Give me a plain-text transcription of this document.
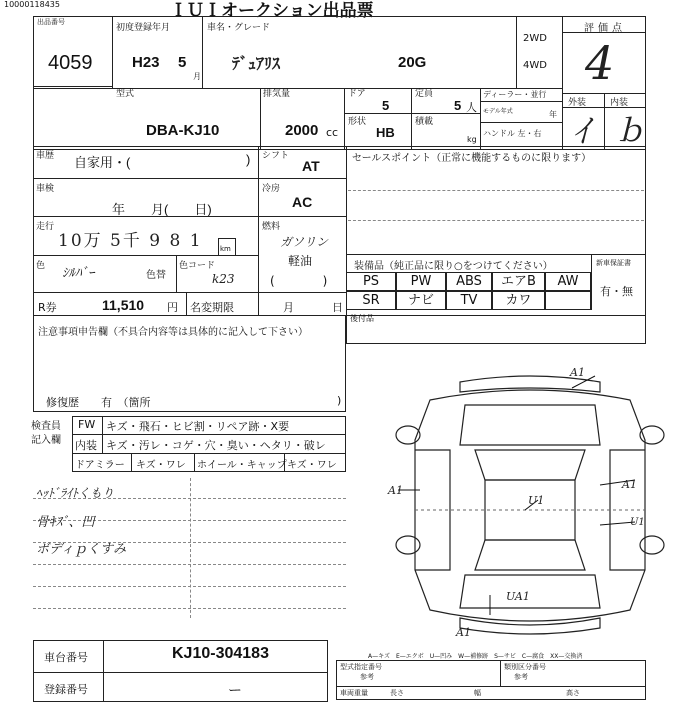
10000118435	ＩＵＩオークション出品票
出品番号
4059
初度登録年月
H23 5
月
車名・グレード
ﾃﾞｭｱﾘｽ	20G
2WD
4WD
評価点
4
外装	内装
ｲ ｂ
型式
DBA-KJ10
排気量
2000 cc
ドア
5
定員
5 人
形状
HB
積載
kg
ディーラー・並行
モデル年式	年
ハンドル 左・右
車歴 自家用・(	)
車検
年　　月(　　日)
走行
10万 5千 9 8 1 km
色 ｼﾙﾊﾞｰ	色替
色コード
k23
R券	11,510 円 名変期限	月	日
シフト
AT
冷房
AC
燃料
ガソリン
軽油
(　　　　)
セールスポイント（正常に機能するものに限ります）
装備品（純正品に限り○をつけてください）	新車保証書
有・無
PS	PW	ABS	エアB	AW
SR	ナビ	TV	カワ
後付品
注意事項申告欄（不具合内容等は具体的に記入して下さい）
修復歴　　有　（箇所	)
検査員記入欄
FW キズ・飛石・ヒビ割・リペア跡・X要
内装 キズ・汚レ・コゲ・穴・臭い・ヘタリ・破レ
ドアミラー キズ・ワレ ホイール・キャップ キズ・ワレ
ﾍｯﾄﾞﾗｲﾄくもり
骨ｷｽﾞ、凹
ボディｐくすみ
A1
A1	A1
U1
U1
UA1
A1
A—キズ　E—エクボ　U—凹み　W—補修跡　S—サビ　C—腐食　XX—交換済
車台番号	KJ10-304183
登録番号	ー
型式指定番号
参考
類別区分番号
参考
車両重量	長さ	幅	高さ
